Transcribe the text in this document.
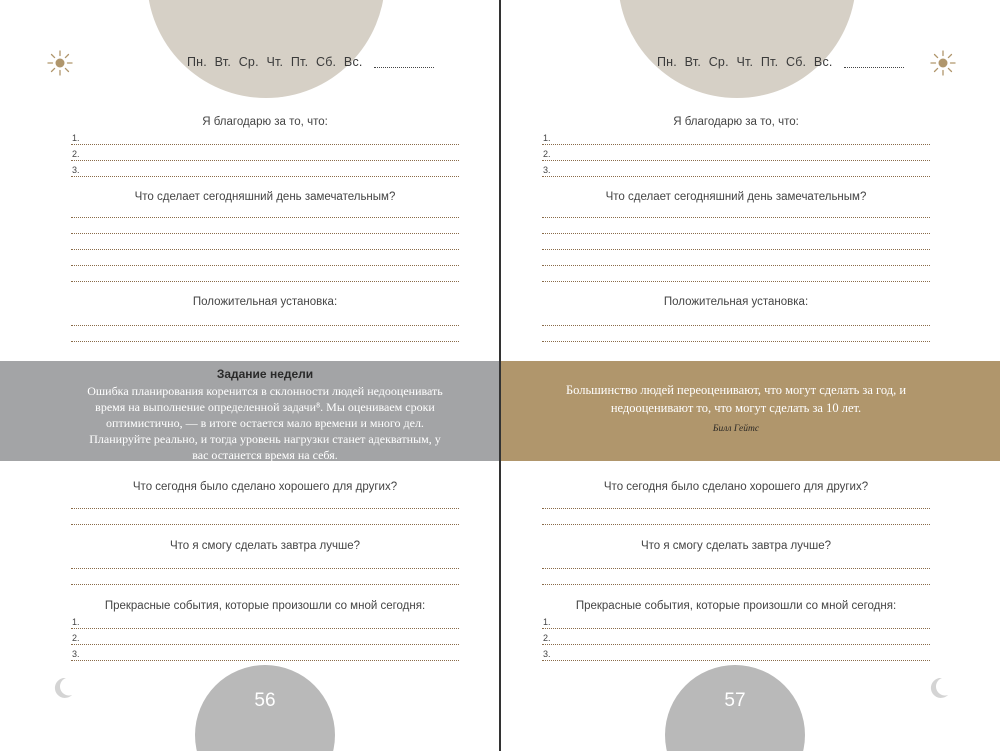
Пн. Вт. Ср. Чт. Пт. Сб. Вс.
Я благодарю за то, что:
1.
2.
3.
Что сделает сегодняшний день замечательным?
Положительная установка:
Задание недели
Ошибка планирования коренится в склонности людей недооценивать время на выполнение определенной задачи⁸. Мы оцениваем сроки оптимистично, — в итоге остается мало времени и много дел. Планируйте реально, и тогда уровень нагрузки станет адекватным, у вас останется время на себя.
Что сегодня было сделано хорошего для других?
Что я смогу сделать завтра лучше?
Прекрасные события, которые произошли со мной сегодня:
1.
2.
3.
56
Пн. Вт. Ср. Чт. Пт. Сб. Вс.
Я благодарю за то, что:
1.
2.
3.
Что сделает сегодняшний день замечательным?
Положительная установка:
Большинство людей переоценивают, что могут сделать за год, и недооценивают то, что могут сделать за 10 лет.
Билл Гейтс
Что сегодня было сделано хорошего для других?
Что я смогу сделать завтра лучше?
Прекрасные события, которые произошли со мной сегодня:
1.
2.
3.
57
